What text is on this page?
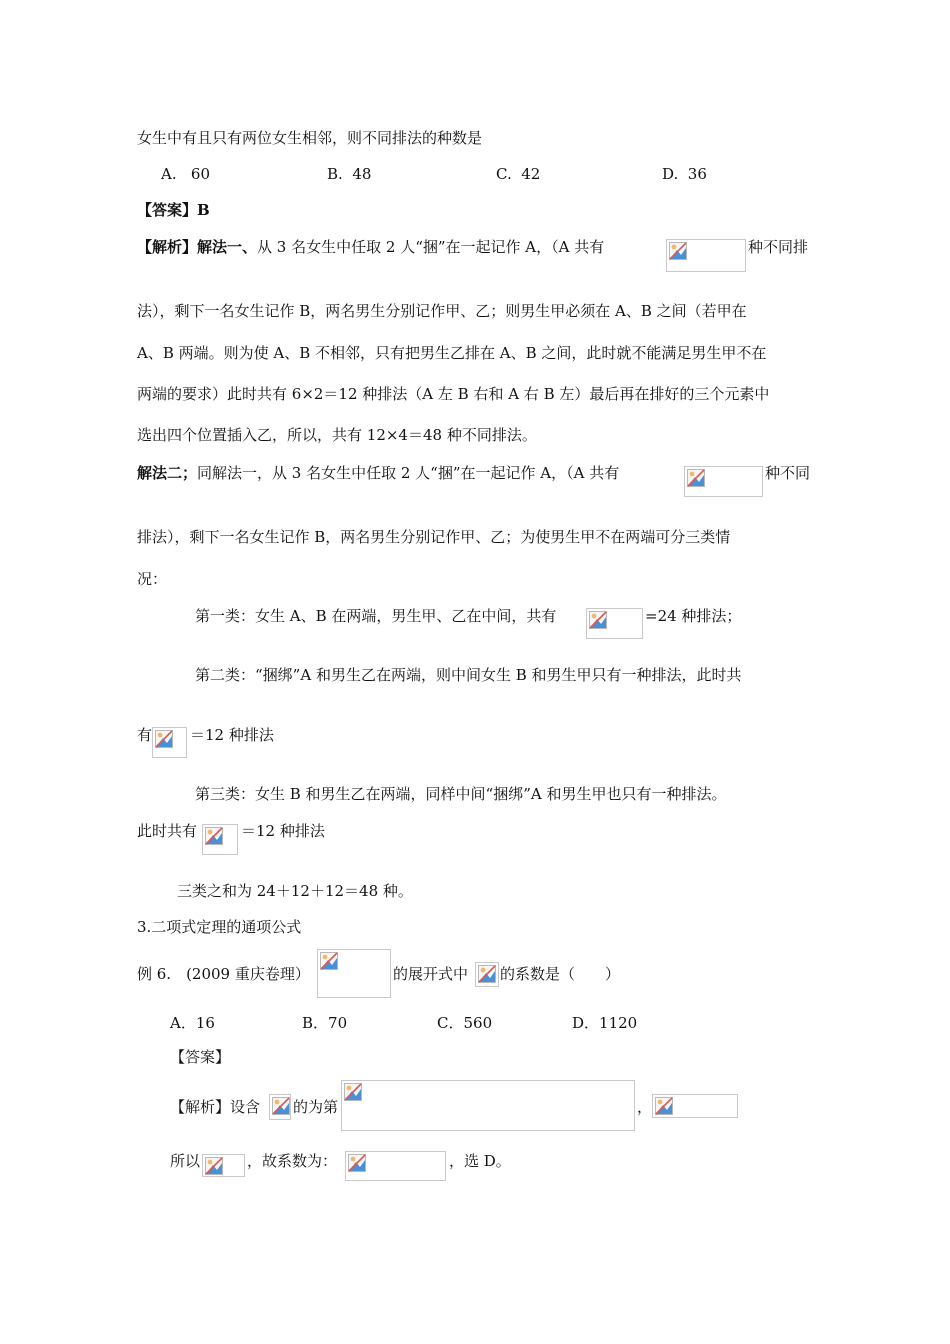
女生中有且只有两位女生相邻，则不同排法的种数是
A.   60	B.  48	C.  42	D.  36
【答案】B
【解析】解法一、从 3 名女生中任取 2 人“捆”在一起记作 A，（A 共有	种不同排
法），剩下一名女生记作 B，两名男生分别记作甲、乙；则男生甲必须在 A、B 之间（若甲在
A、B 两端。则为使 A、B 不相邻，只有把男生乙排在 A、B 之间，此时就不能满足男生甲不在
两端的要求）此时共有 6×2＝12 种排法（A 左 B 右和 A 右 B 左）最后再在排好的三个元素中
选出四个位置插入乙，所以，共有 12×4＝48 种不同排法。
解法二；同解法一，从 3 名女生中任取 2 人“捆”在一起记作 A，（A 共有	种不同
排法），剩下一名女生记作 B，两名男生分别记作甲、乙；为使男生甲不在两端可分三类情
况：
第一类：女生 A、B 在两端，男生甲、乙在中间，共有	=24 种排法；
第二类：“捆绑”A 和男生乙在两端，则中间女生 B 和男生甲只有一种排法，此时共
有	＝12 种排法
第三类：女生 B 和男生乙在两端，同样中间“捆绑”A 和男生甲也只有一种排法。
此时共有	＝12 种排法
三类之和为 24＋12＋12＝48 种。
3.二项式定理的通项公式
例 6.　(2009 重庆卷理）	的展开式中 的系数是（　　）
A．16	B．70	C．560	D．1120
【答案】
【解析】设含 的为第	，
所以	，故系数为：	，选 D。
